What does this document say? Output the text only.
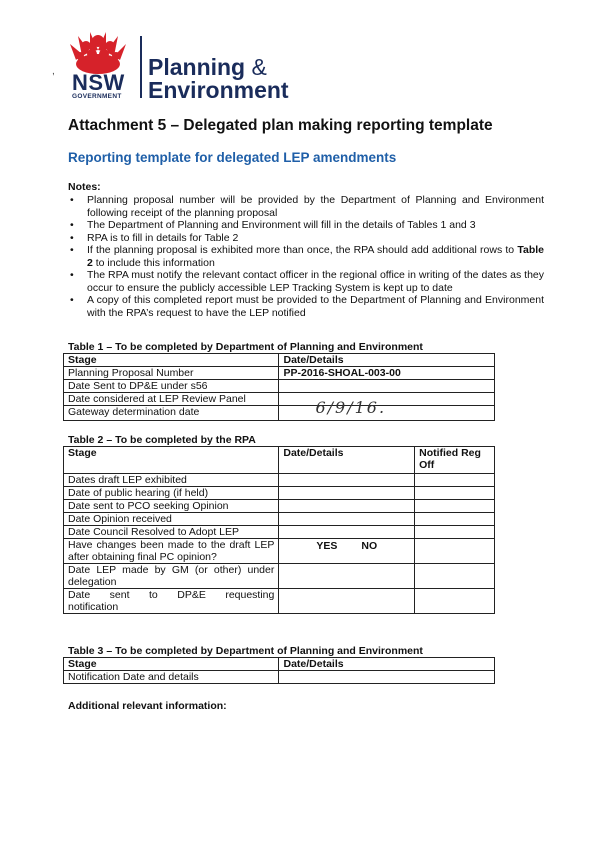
NSW
GOVERNMENT
Planning &
Environment
,
Attachment 5 – Delegated plan making reporting template
Reporting template for delegated LEP amendments
Notes:
• Planning proposal number will be provided by the Department of Planning and Environment following receipt of the planning proposal
• The Department of Planning and Environment will fill in the details of Tables 1 and 3
• RPA is to fill in details for Table 2
• If the planning proposal is exhibited more than once, the RPA should add additional rows to Table 2 to include this information
• The RPA must notify the relevant contact officer in the regional office in writing of the dates as they occur to ensure the publicly accessible LEP Tracking System is kept up to date
• A copy of this completed report must be provided to the Department of Planning and Environment with the RPA’s request to have the LEP notified
Table 1 – To be completed by Department of Planning and Environment
Stage	Date/Details
Planning Proposal Number	PP-2016-SHOAL-003-00
Date Sent to DP&E under s56	
Date considered at LEP Review Panel	
Gateway determination date	6/9/16.
Table 2 – To be completed by the RPA
Stage	Date/Details	Notified Reg Off
Dates draft LEP exhibited		
Date of public hearing (if held)		
Date sent to PCO seeking Opinion		
Date Opinion received		
Date Council Resolved to Adopt LEP		
Have changes been made to the draft LEP after obtaining final PC opinion?	YES NO	
Date LEP made by GM (or other) under delegation		
Date sent to DP&E requesting notification		
Table 3 – To be completed by Department of Planning and Environment
Stage	Date/Details
Notification Date and details	
Additional relevant information:
